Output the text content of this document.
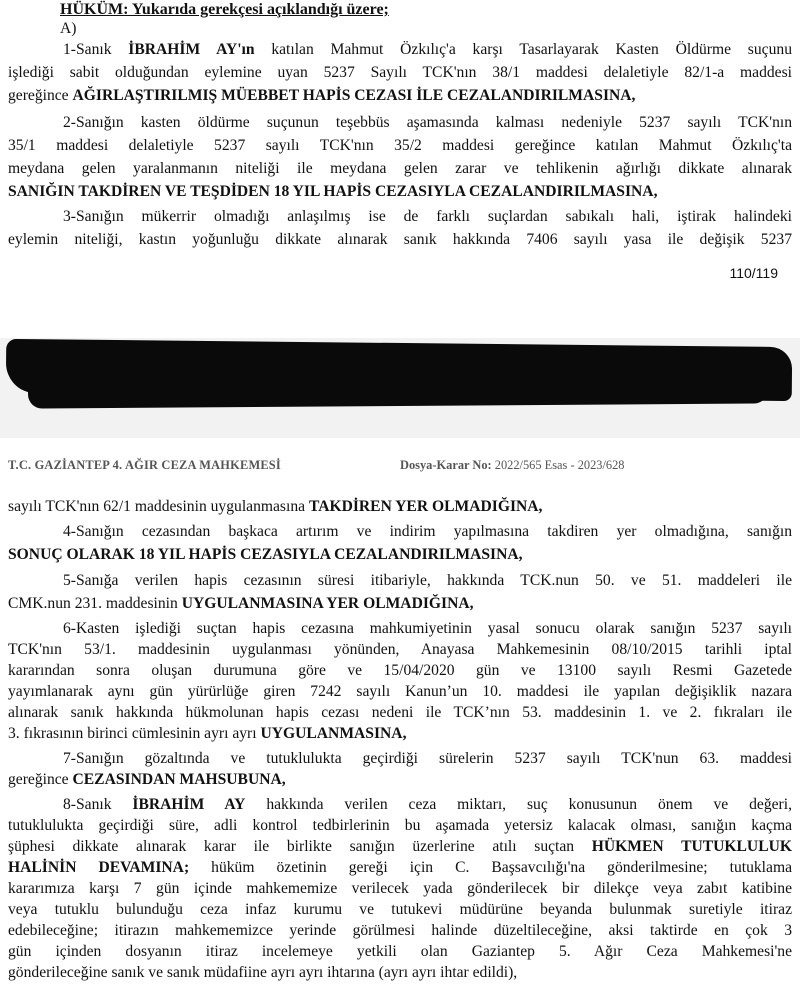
HÜKÜM: Yukarıda gerekçesi açıklandığı üzere;
A)
1-Sanık İBRAHİM AY'ın katılan Mahmut Özkılıç'a karşı Tasarlayarak Kasten Öldürme suçunu
işlediği sabit olduğundan eylemine uyan 5237 Sayılı TCK'nın 38/1 maddesi delaletiyle 82/1-a maddesi
gereğince AĞIRLAŞTIRILMIŞ MÜEBBET HAPİS CEZASI İLE CEZALANDIRILMASINA,
2-Sanığın kasten öldürme suçunun teşebbüs aşamasında kalması nedeniyle 5237 sayılı TCK'nın
35/1 maddesi delaletiyle 5237 sayılı TCK'nın 35/2 maddesi gereğince katılan Mahmut Özkılıç'ta
meydana gelen yaralanmanın niteliği ile meydana gelen zarar ve tehlikenin ağırlığı dikkate alınarak
SANIĞIN TAKDİREN VE TEŞDİDEN 18 YIL HAPİS CEZASIYLA CEZALANDIRILMASINA,
3-Sanığın mükerrir olmadığı anlaşılmış ise de farklı suçlardan sabıkalı hali, iştirak halindeki
eylemin niteliği, kastın yoğunluğu dikkate alınarak sanık hakkında 7406 sayılı yasa ile değişik 5237
110/119
T.C. GAZİANTEP 4. AĞIR CEZA MAHKEMESİ	Dosya-Karar No: 2022/565 Esas - 2023/628
sayılı TCK'nın 62/1 maddesinin uygulanmasına TAKDİREN YER OLMADIĞINA,
4-Sanığın cezasından başkaca artırım ve indirim yapılmasına takdiren yer olmadığına, sanığın
SONUÇ OLARAK 18 YIL HAPİS CEZASIYLA CEZALANDIRILMASINA,
5-Sanığa verilen hapis cezasının süresi itibariyle, hakkında TCK.nun 50. ve 51. maddeleri ile
CMK.nun 231. maddesinin UYGULANMASINA YER OLMADIĞINA,
6-Kasten işlediği suçtan hapis cezasına mahkumiyetinin yasal sonucu olarak sanığın 5237 sayılı
TCK'nın 53/1. maddesinin uygulanması yönünden, Anayasa Mahkemesinin 08/10/2015 tarihli iptal
kararından sonra oluşan durumuna göre ve 15/04/2020 gün ve 13100 sayılı Resmi Gazetede
yayımlanarak aynı gün yürürlüğe giren 7242 sayılı Kanun’un 10. maddesi ile yapılan değişiklik nazara
alınarak sanık hakkında hükmolunan hapis cezası nedeni ile TCK’nın 53. maddesinin 1. ve 2. fıkraları ile
3. fıkrasının birinci cümlesinin ayrı ayrı UYGULANMASINA,
7-Sanığın gözaltında ve tutuklulukta geçirdiği sürelerin 5237 sayılı TCK'nun 63. maddesi
gereğince CEZASINDAN MAHSUBUNA,
8-Sanık İBRAHİM AY hakkında verilen ceza miktarı, suç konusunun önem ve değeri,
tutuklulukta geçirdiği süre, adli kontrol tedbirlerinin bu aşamada yetersiz kalacak olması, sanığın kaçma
şüphesi dikkate alınarak karar ile birlikte sanığın üzerlerine atılı suçtan HÜKMEN TUTUKLULUK
HALİNİN DEVAMINA; hüküm özetinin gereği için C. Başsavcılığı'na gönderilmesine; tutuklama
kararımıza karşı 7 gün içinde mahkememize verilecek yada gönderilecek bir dilekçe veya zabıt katibine
veya tutuklu bulunduğu ceza infaz kurumu ve tutukevi müdürüne beyanda bulunmak suretiyle itiraz
edebileceğine; itirazın mahkememizce yerinde görülmesi halinde düzeltileceğine, aksi taktirde en çok 3
gün içinden dosyanın itiraz incelemeye yetkili olan Gaziantep 5. Ağır Ceza Mahkemesi'ne
gönderileceğine sanık ve sanık müdafiine ayrı ayrı ihtarına (ayrı ayrı ihtar edildi),
